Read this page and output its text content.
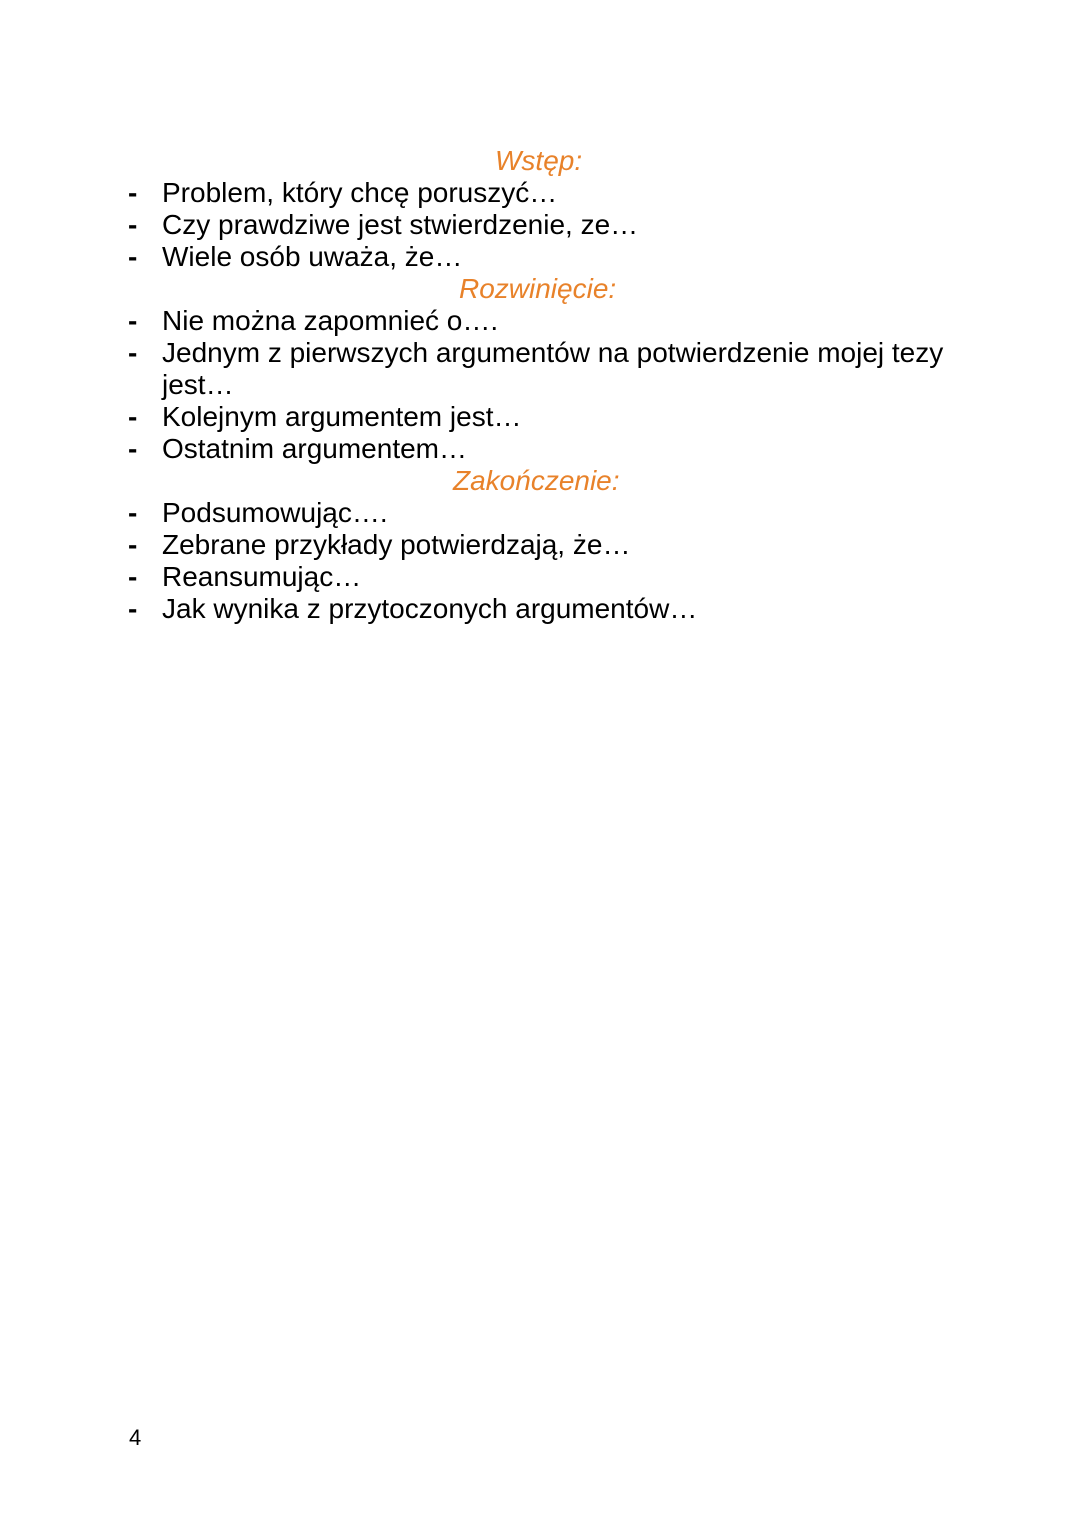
Wstęp:
- Problem, który chcę poruszyć…
- Czy prawdziwe jest stwierdzenie, ze…
- Wiele osób uważa, że…
Rozwinięcie:
- Nie można zapomnieć o….
- Jednym z pierwszych argumentów na potwierdzenie mojej tezy jest…
- Kolejnym argumentem jest…
- Ostatnim argumentem…
Zakończenie:
- Podsumowując….
- Zebrane przykłady potwierdzają, że…
- Reansumując…
- Jak wynika z przytoczonych argumentów…
4
